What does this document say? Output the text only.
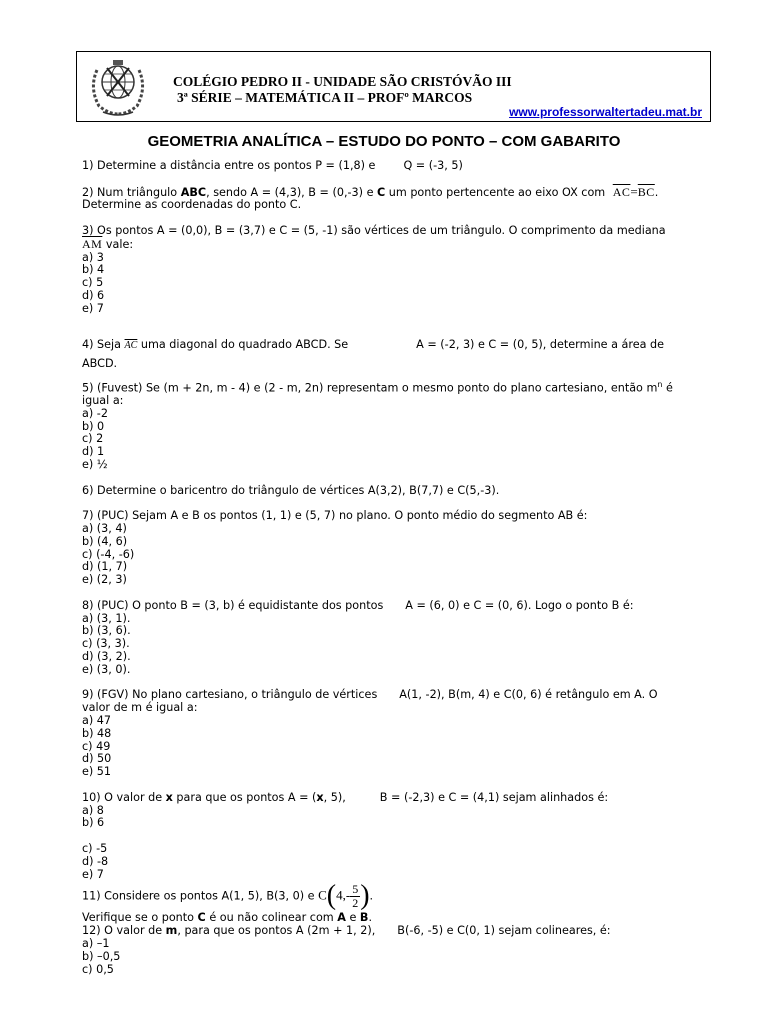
COLÉGIO PEDRO II - UNIDADE SÃO CRISTÓVÃO III
3ª SÉRIE – MATEMÁTICA II – PROFº MARCOS
www.professorwaltertadeu.mat.br
GEOMETRIA ANALÍTICA – ESTUDO DO PONTO – COM GABARITO

1) Determine a distância entre os pontos P = (1,8) e	Q = (-3, 5)

2) Num triângulo ABC, sendo A = (4,3), B = (0,-3) e C um ponto pertencente ao eixo OX com $\overline{AC}=\overline{BC}$.
Determine as coordenadas do ponto C.

3) Os pontos A = (0,0), B = (3,7) e C = (5, -1) são vértices de um triângulo. O comprimento da mediana
$\overline{AM}$ vale:
a) 3
b) 4
c) 5
d) 6
e) 7

4) Seja $\overline{AC}$ uma diagonal do quadrado ABCD. Se	A = (-2, 3) e C = (0, 5), determine a área de
ABCD.

5) (Fuvest) Se (m + 2n, m - 4) e (2 - m, 2n) representam o mesmo ponto do plano cartesiano, então $m^n$ é
igual a:
a) -2
b) 0
c) 2
d) 1
e) ½

6) Determine o baricentro do triângulo de vértices A(3,2), B(7,7) e C(5,-3).

7) (PUC) Sejam A e B os pontos (1, 1) e (5, 7) no plano. O ponto médio do segmento AB é:
a) (3, 4)
b) (4, 6)
c) (-4, -6)
d) (1, 7)
e) (2, 3)

8) (PUC) O ponto B = (3, b) é equidistante dos pontos A = (6, 0) e C = (0, 6). Logo o ponto B é:
a) (3, 1).
b) (3, 6).
c) (3, 3).
d) (3, 2).
e) (3, 0).

9) (FGV) No plano cartesiano, o triângulo de vértices A(1, -2), B(m, 4) e C(0, 6) é retângulo em A. O
valor de m é igual a:
a) 47
b) 48
c) 49
d) 50
e) 51

10) O valor de x para que os pontos A = (x, 5),	B = (-2,3) e C = (4,1) sejam alinhados é:
a) 8
b) 6

c) -5
d) -8
e) 7

11) Considere os pontos A(1, 5), B(3, 0) e $C(4,- \frac{5}{2}$ ).
Verifique se o ponto C é ou não colinear com A e B.

12) O valor de m, para que os pontos A (2m + 1, 2), B(-6, -5) e C(0, 1) sejam colineares, é:
a) –1
b) –0,5
c) 0,5
